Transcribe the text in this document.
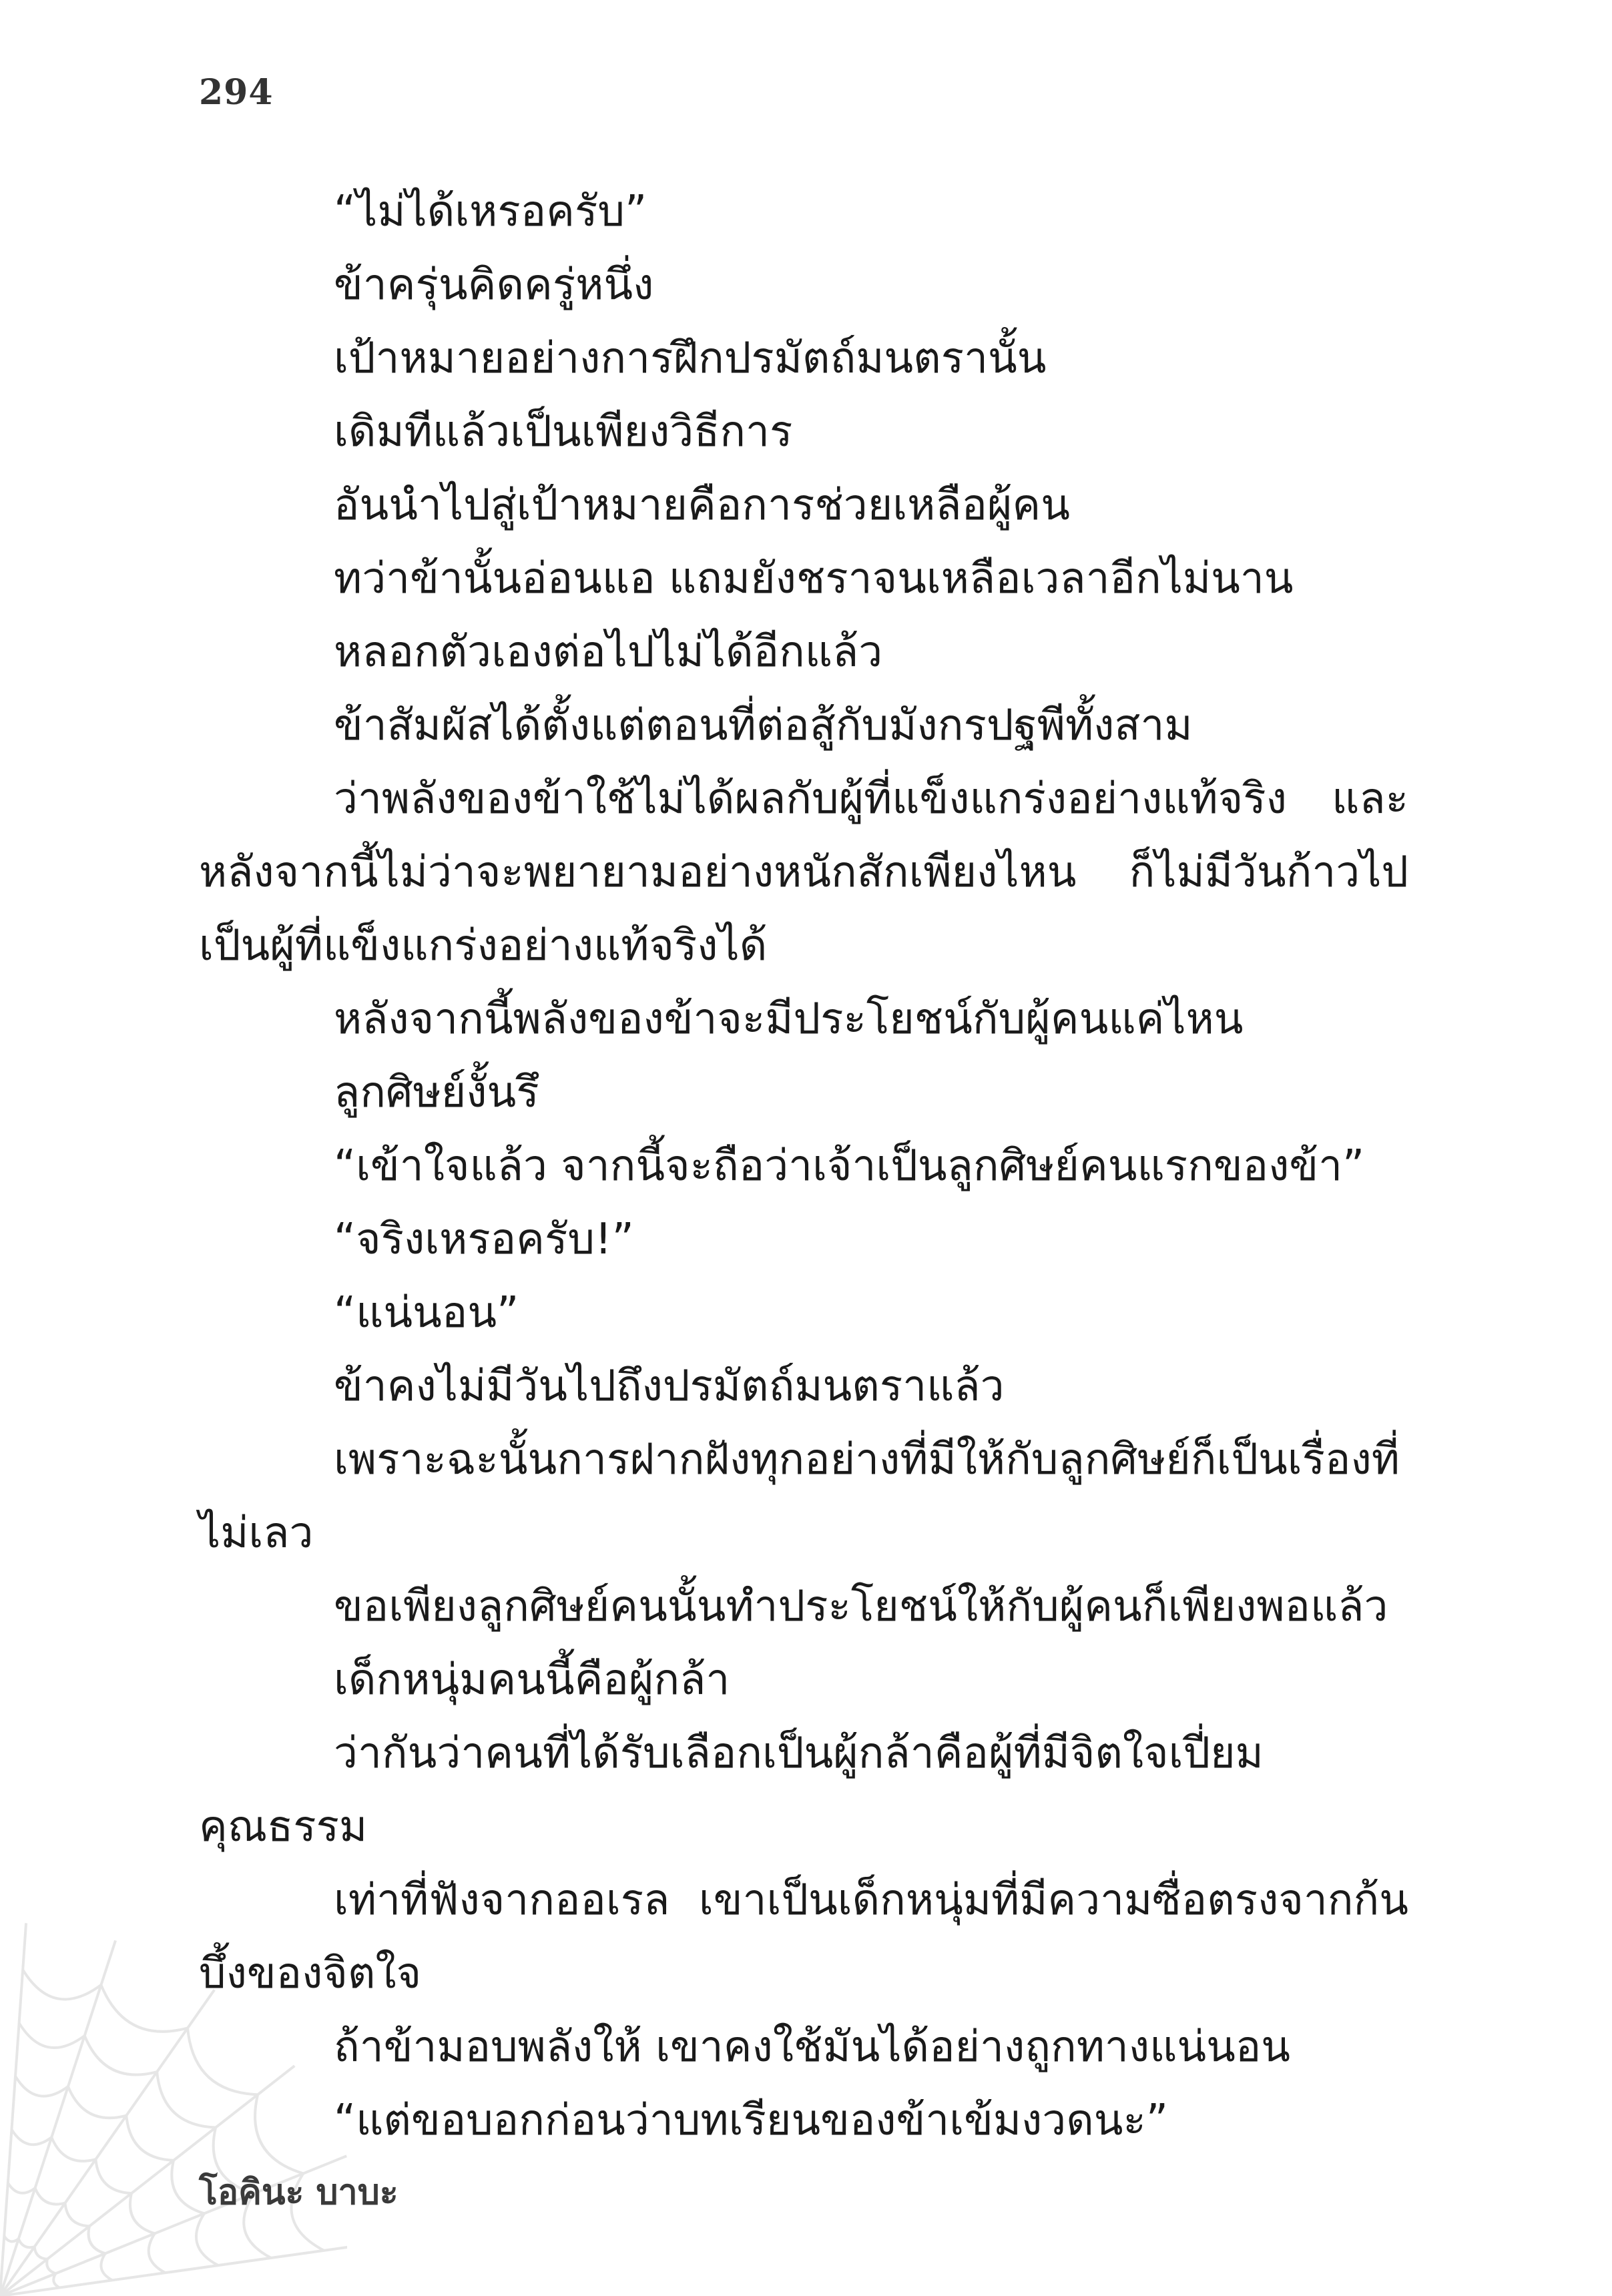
294

“ไม่ได้เหรอครับ”

ข้าครุ่นคิดครู่หนึ่ง

เป้าหมายอย่างการฝึกปรมัตถ์มนตรานั้น

เดิมทีแล้วเป็นเพียงวิธีการ

อันนำไปสู่เป้าหมายคือการช่วยเหลือผู้คน

ทว่าข้านั้นอ่อนแอ แถมยังชราจนเหลือเวลาอีกไม่นาน

หลอกตัวเองต่อไปไม่ได้อีกแล้ว

ข้าสัมผัสได้ตั้งแต่ตอนที่ต่อสู้กับมังกรปฐพีทั้งสาม

ว่าพลังของข้าใช้ไม่ได้ผลกับผู้ที่แข็งแกร่งอย่างแท้จริง และหลังจากนี้ไม่ว่าจะพยายามอย่างหนักสักเพียงไหน ก็ไม่มีวันก้าวไปเป็นผู้ที่แข็งแกร่งอย่างแท้จริงได้

หลังจากนี้พลังของข้าจะมีประโยชน์กับผู้คนแค่ไหน

ลูกศิษย์งั้นรึ

“เข้าใจแล้ว จากนี้จะถือว่าเจ้าเป็นลูกศิษย์คนแรกของข้า”

“จริงเหรอครับ!”

“แน่นอน”

ข้าคงไม่มีวันไปถึงปรมัตถ์มนตราแล้ว

เพราะฉะนั้นการฝากฝังทุกอย่างที่มีให้กับลูกศิษย์ก็เป็นเรื่องที่ไม่เลว

ขอเพียงลูกศิษย์คนนั้นทำประโยชน์ให้กับผู้คนก็เพียงพอแล้ว

เด็กหนุ่มคนนี้คือผู้กล้า

ว่ากันว่าคนที่ได้รับเลือกเป็นผู้กล้าคือผู้ที่มีจิตใจเปี่ยมคุณธรรม

เท่าที่ฟังจากออเรล เขาเป็นเด็กหนุ่มที่มีความซื่อตรงจากก้นบึ้งของจิตใจ

ถ้าข้ามอบพลังให้ เขาคงใช้มันได้อย่างถูกทางแน่นอน

“แต่ขอบอกก่อนว่าบทเรียนของข้าเข้มงวดนะ”

โอคินะ บาบะ
